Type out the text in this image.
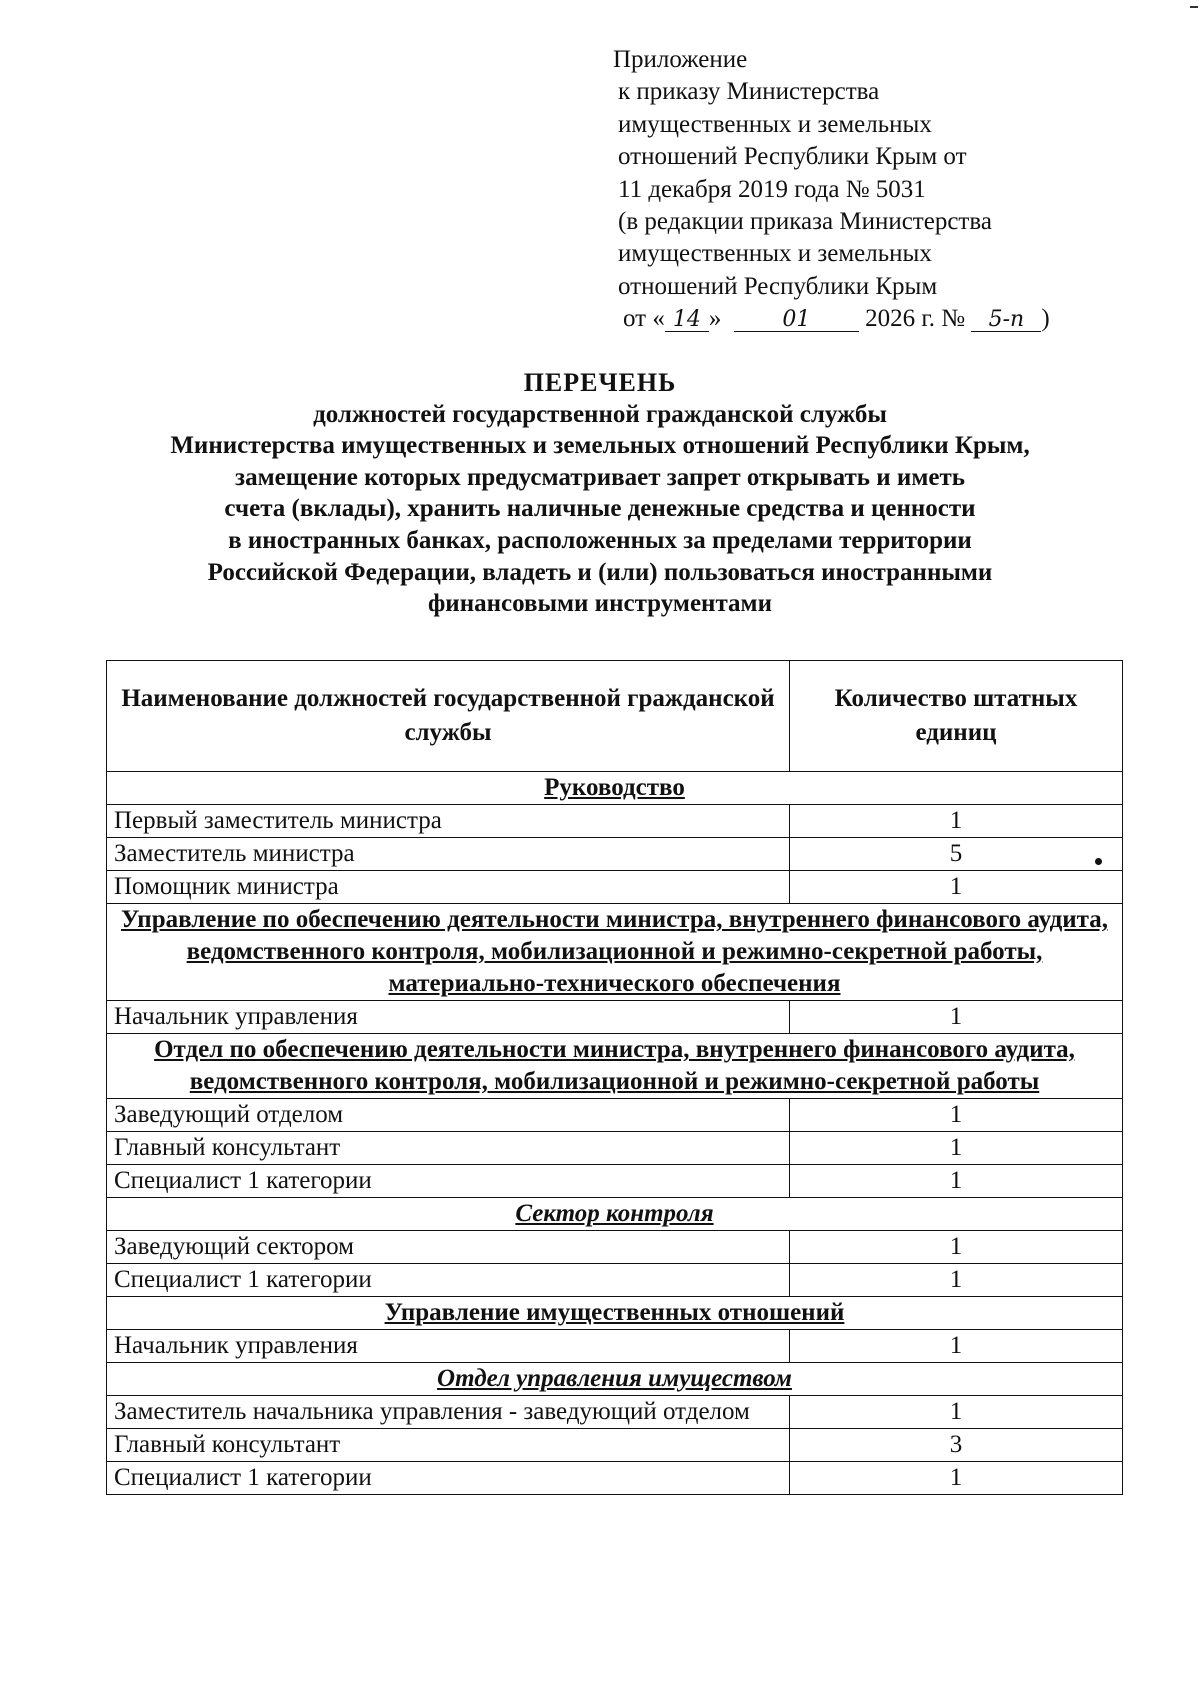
Приложение
к приказу Министерства
имущественных и земельных
отношений Республики Крым от
11 декабря 2019 года № 5031
(в редакции приказа Министерства
имущественных и земельных
отношений Республики Крым
от « 14 »	01 2026 г. № 5-п )
ПЕРЕЧЕНЬ
должностей государственной гражданской службы
Министерства имущественных и земельных отношений Республики Крым,
замещение которых предусматривает запрет открывать и иметь
счета (вклады), хранить наличные денежные средства и ценности
в иностранных банках, расположенных за пределами территории
Российской Федерации, владеть и (или) пользоваться иностранными
финансовыми инструментами
Наименование должностей государственной гражданской службы	Количество штатных единиц
Руководство	
Первый заместитель министра	1
Заместитель министра	5
Помощник министра	1
Управление по обеспечению деятельности министра, внутреннего финансового аудита, ведомственного контроля, мобилизационной и режимно-секретной работы, материально-технического обеспечения	
Начальник управления	1
Отдел по обеспечению деятельности министра, внутреннего финансового аудита, ведомственного контроля, мобилизационной и режимно-секретной работы	
Заведующий отделом	1
Главный консультант	1
Специалист 1 категории	1
Сектор контроля	
Заведующий сектором	1
Специалист 1 категории	1
Управление имущественных отношений	
Начальник управления	1
Отдел управления имуществом	
Заместитель начальника управления - заведующий отделом	1
Главный консультант	3
Специалист 1 категории	1
